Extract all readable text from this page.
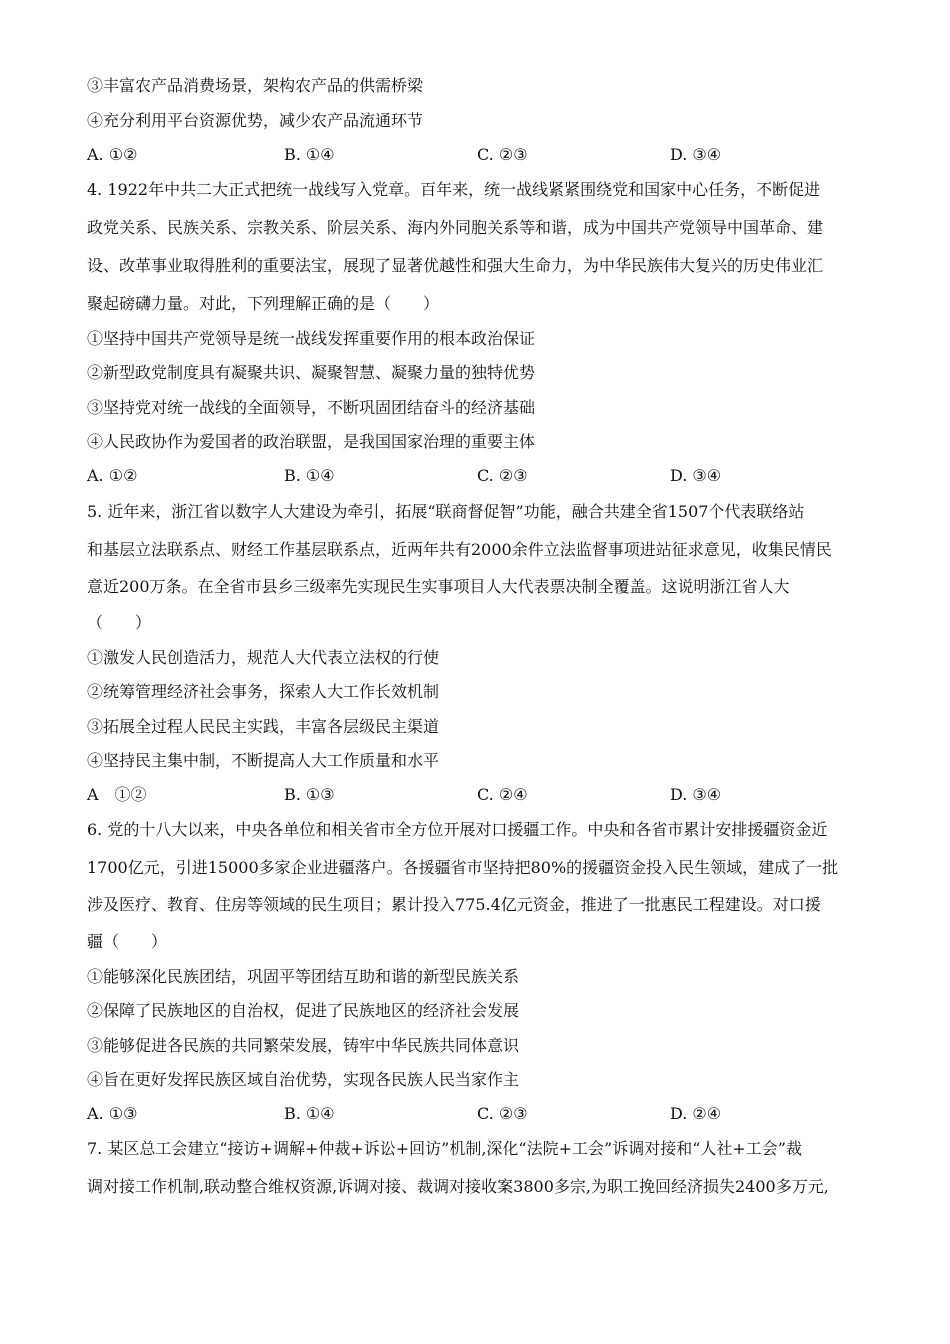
③丰富农产品消费场景，架构农产品的供需桥梁
④充分利用平台资源优势，减少农产品流通环节
A. ①②	B. ①④	C. ②③	D. ③④
4. 1922年中共二大正式把统一战线写入党章。百年来，统一战线紧紧围绕党和国家中心任务，不断促进
政党关系、民族关系、宗教关系、阶层关系、海内外同胞关系等和谐，成为中国共产党领导中国革命、建
设、改革事业取得胜利的重要法宝，展现了显著优越性和强大生命力，为中华民族伟大复兴的历史伟业汇
聚起磅礴力量。对此，下列理解正确的是（　　）
①坚持中国共产党领导是统一战线发挥重要作用的根本政治保证
②新型政党制度具有凝聚共识、凝聚智慧、凝聚力量的独特优势
③坚持党对统一战线的全面领导，不断巩固团结奋斗的经济基础
④人民政协作为爱国者的政治联盟，是我国国家治理的重要主体
A. ①②	B. ①④	C. ②③	D. ③④
5. 近年来，浙江省以数字人大建设为牵引，拓展“联商督促智”功能，融合共建全省1507个代表联络站
和基层立法联系点、财经工作基层联系点，近两年共有2000余件立法监督事项进站征求意见，收集民情民
意近200万条。在全省市县乡三级率先实现民生实事项目人大代表票决制全覆盖。这说明浙江省人大
（　　）
①激发人民创造活力，规范人大代表立法权的行使
②统筹管理经济社会事务，探索人大工作长效机制
③拓展全过程人民民主实践，丰富各层级民主渠道
④坚持民主集中制，不断提高人大工作质量和水平
A　①②	B. ①③	C. ②④	D. ③④
6. 党的十八大以来，中央各单位和相关省市全方位开展对口援疆工作。中央和各省市累计安排援疆资金近
1700亿元，引进15000多家企业进疆落户。各援疆省市坚持把80%的援疆资金投入民生领域，建成了一批
涉及医疗、教育、住房等领域的民生项目；累计投入775.4亿元资金，推进了一批惠民工程建设。对口援
疆（　　）
①能够深化民族团结，巩固平等团结互助和谐的新型民族关系
②保障了民族地区的自治权，促进了民族地区的经济社会发展
③能够促进各民族的共同繁荣发展，铸牢中华民族共同体意识
④旨在更好发挥民族区域自治优势，实现各民族人民当家作主
A. ①③	B. ①④	C. ②③	D. ②④
7. 某区总工会建立“接访+调解+仲裁+诉讼+回访”机制,深化“法院+工会”诉调对接和“人社+工会”裁
调对接工作机制,联动整合维权资源,诉调对接、裁调对接收案3800多宗,为职工挽回经济损失2400多万元,
